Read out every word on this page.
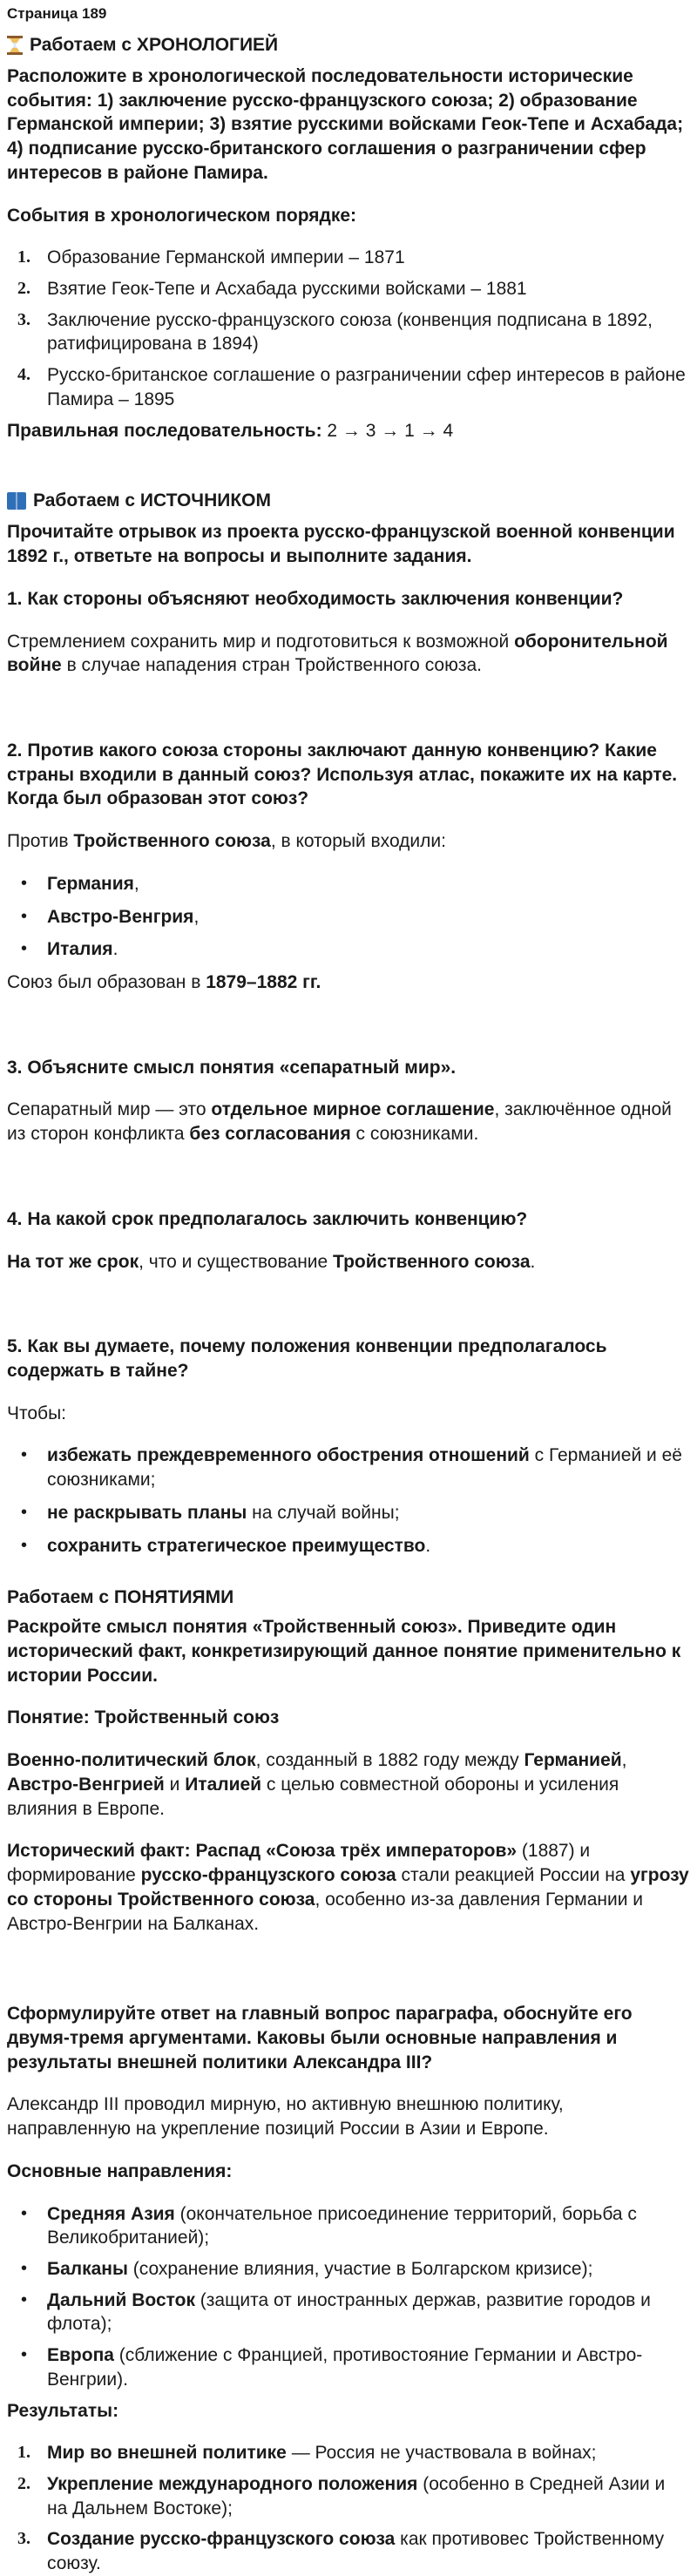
Страница 189
Работаем с ХРОНОЛОГИЕЙ

Расположите в хронологической последовательности исторические события: 1) заключение русско-французского союза; 2) образование Германской империи; 3) взятие русскими войсками Геок-Тепе и Асхабада; 4) подписание русско-британского соглашения о разграничении сфер интересов в районе Памира.

События в хронологическом порядке:

1. Образование Германской империи – 1871
2. Взятие Геок-Тепе и Асхабада русскими войсками – 1881
3. Заключение русско-французского союза (конвенция подписана в 1892, ратифицирована в 1894)
4. Русско-британское соглашение о разграничении сфер интересов в районе Памира – 1895

Правильная последовательность: 2 → 3 → 1 → 4

Работаем с ИСТОЧНИКОМ

Прочитайте отрывок из проекта русско-французской военной конвенции 1892 г., ответьте на вопросы и выполните задания.

1. Как стороны объясняют необходимость заключения конвенции?

Стремлением сохранить мир и подготовиться к возможной оборонительной войне в случае нападения стран Тройственного союза.

2. Против какого союза стороны заключают данную конвенцию? Какие страны входили в данный союз? Используя атлас, покажите их на карте. Когда был образован этот союз?

Против Тройственного союза, в который входили:

•	Германия,
•	Австро-Венгрия,
•	Италия.

Союз был образован в 1879–1882 гг.

3. Объясните смысл понятия «сепаратный мир».

Сепаратный мир — это отдельное мирное соглашение, заключённое одной из сторон конфликта без согласования с союзниками.

4. На какой срок предполагалось заключить конвенцию?

На тот же срок, что и существование Тройственного союза.

5. Как вы думаете, почему положения конвенции предполагалось содержать в тайне?

Чтобы:

•	избежать преждевременного обострения отношений с Германией и её союзниками;
•	не раскрывать планы на случай войны;
•	сохранить стратегическое преимущество.
Работаем с ПОНЯТИЯМИ

Раскройте смысл понятия «Тройственный союз». Приведите один исторический факт, конкретизирующий данное понятие применительно к истории России.

Понятие: Тройственный союз

Военно-политический блок, созданный в 1882 году между Германией, Австро-Венгрией и Италией с целью совместной обороны и усиления влияния в Европе.

Исторический факт: Распад «Союза трёх императоров» (1887) и формирование русско-французского союза стали реакцией России на угрозу со стороны Тройственного союза, особенно из-за давления Германии и Австро-Венгрии на Балканах.

Сформулируйте ответ на главный вопрос параграфа, обоснуйте его двумя-тремя аргументами. Каковы были основные направления и результаты внешней политики Александра III?

Александр III проводил мирную, но активную внешнюю политику, направленную на укрепление позиций России в Азии и Европе.

Основные направления:

•	Средняя Азия (окончательное присоединение территорий, борьба с Великобританией);
•	Балканы (сохранение влияния, участие в Болгарском кризисе);
•	Дальний Восток (защита от иностранных держав, развитие городов и флота);
•	Европа (сближение с Францией, противостояние Германии и Австро-Венгрии).

Результаты:

1. Мир во внешней политике — Россия не участвовала в войнах;
2. Укрепление международного положения (особенно в Средней Азии и на Дальнем Востоке);
3. Создание русско-французского союза как противовес Тройственному союзу.
